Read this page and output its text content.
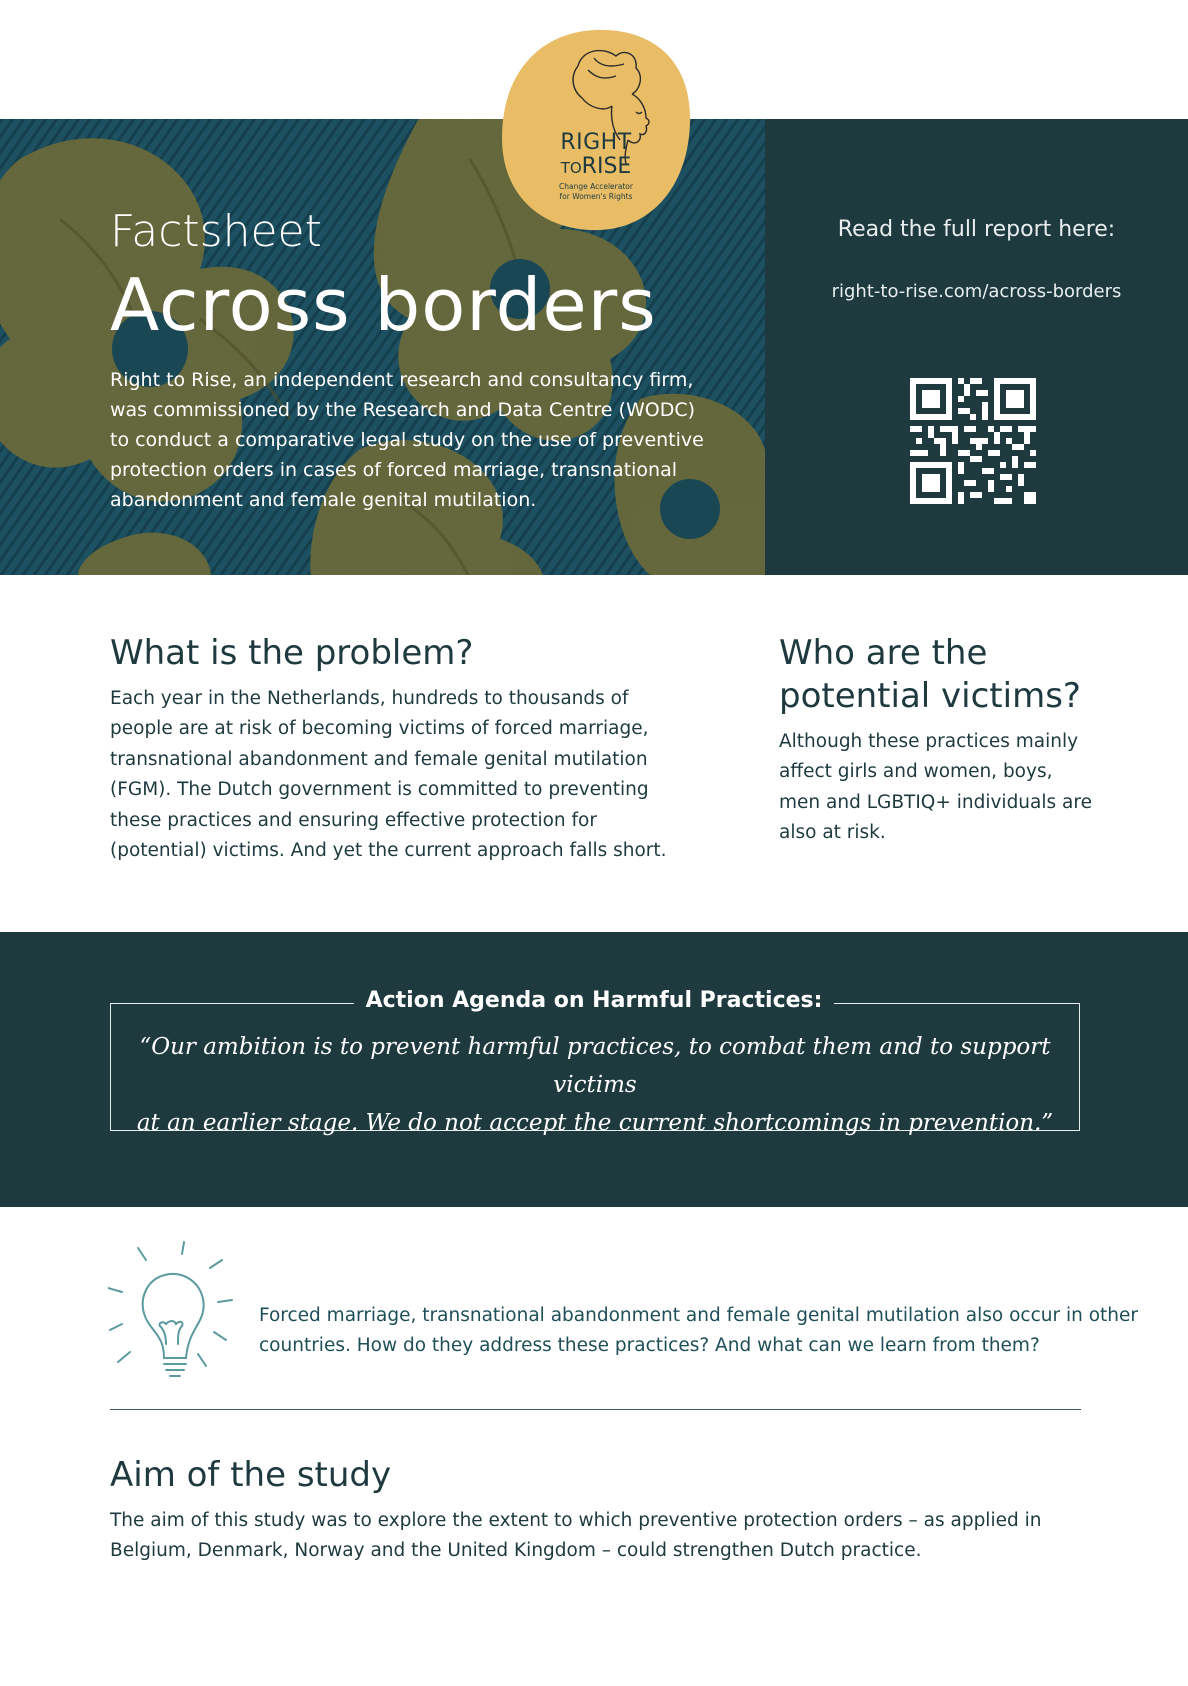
RIGHT
TORISE
Change Accelerator
for Women's Rights
Factsheet
Across borders
Right to Rise, an independent research and consultancy firm, was commissioned by the Research and Data Centre (WODC) to conduct a comparative legal study on the use of preventive protection orders in cases of forced marriage, transnational abandonment and female genital mutilation.
Read the full report here:
right-to-rise.com/across-borders
What is the problem?
Each year in the Netherlands, hundreds to thousands of people are at risk of becoming victims of forced marriage, transnational abandonment and female genital mutilation (FGM). The Dutch government is committed to preventing these practices and ensuring effective protection for (potential) victims. And yet the current approach falls short.
Who are the potential victims?
Although these practices mainly affect girls and women, boys, men and LGBTIQ+ individuals are also at risk.
Action Agenda on Harmful Practices:
“Our ambition is to prevent harmful practices, to combat them and to support victims
at an earlier stage. We do not accept the current shortcomings in prevention.”
Forced marriage, transnational abandonment and female genital mutilation also occur in other countries. How do they address these practices? And what can we learn from them?
Aim of the study
The aim of this study was to explore the extent to which preventive protection orders – as applied in Belgium, Denmark, Norway and the United Kingdom – could strengthen Dutch practice.
